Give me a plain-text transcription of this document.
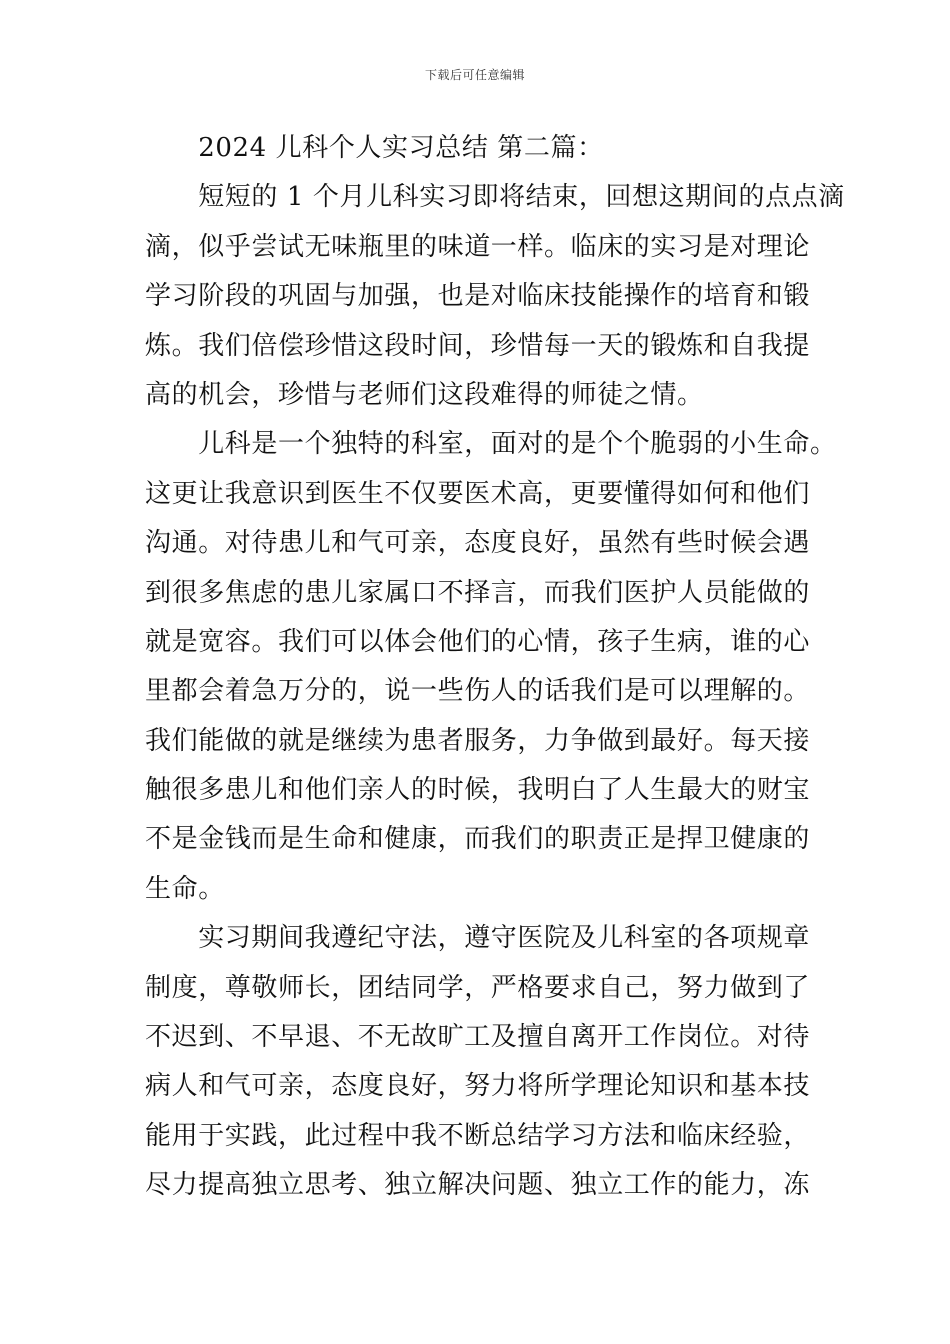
下载后可任意编辑
　　2024 儿科个人实习总结 第二篇：
　　短短的 1 个月儿科实习即将结束，回想这期间的点点滴
滴，似乎尝试无味瓶里的味道一样。临床的实习是对理论
学习阶段的巩固与加强，也是对临床技能操作的培育和锻
炼。我们倍偿珍惜这段时间，珍惜每一天的锻炼和自我提
高的机会，珍惜与老师们这段难得的师徒之情。
　　儿科是一个独特的科室，面对的是个个脆弱的小生命。
这更让我意识到医生不仅要医术高，更要懂得如何和他们
沟通。对待患儿和气可亲，态度良好，虽然有些时候会遇
到很多焦虑的患儿家属口不择言，而我们医护人员能做的
就是宽容。我们可以体会他们的心情，孩子生病，谁的心
里都会着急万分的，说一些伤人的话我们是可以理解的。
我们能做的就是继续为患者服务，力争做到最好。每天接
触很多患儿和他们亲人的时候，我明白了人生最大的财宝
不是金钱而是生命和健康，而我们的职责正是捍卫健康的
生命。
　　实习期间我遵纪守法，遵守医院及儿科室的各项规章
制度，尊敬师长，团结同学，严格要求自己，努力做到了
不迟到、不早退、不无故旷工及擅自离开工作岗位。对待
病人和气可亲，态度良好，努力将所学理论知识和基本技
能用于实践，此过程中我不断总结学习方法和临床经验，
尽力提高独立思考、独立解决问题、独立工作的能力，冻
